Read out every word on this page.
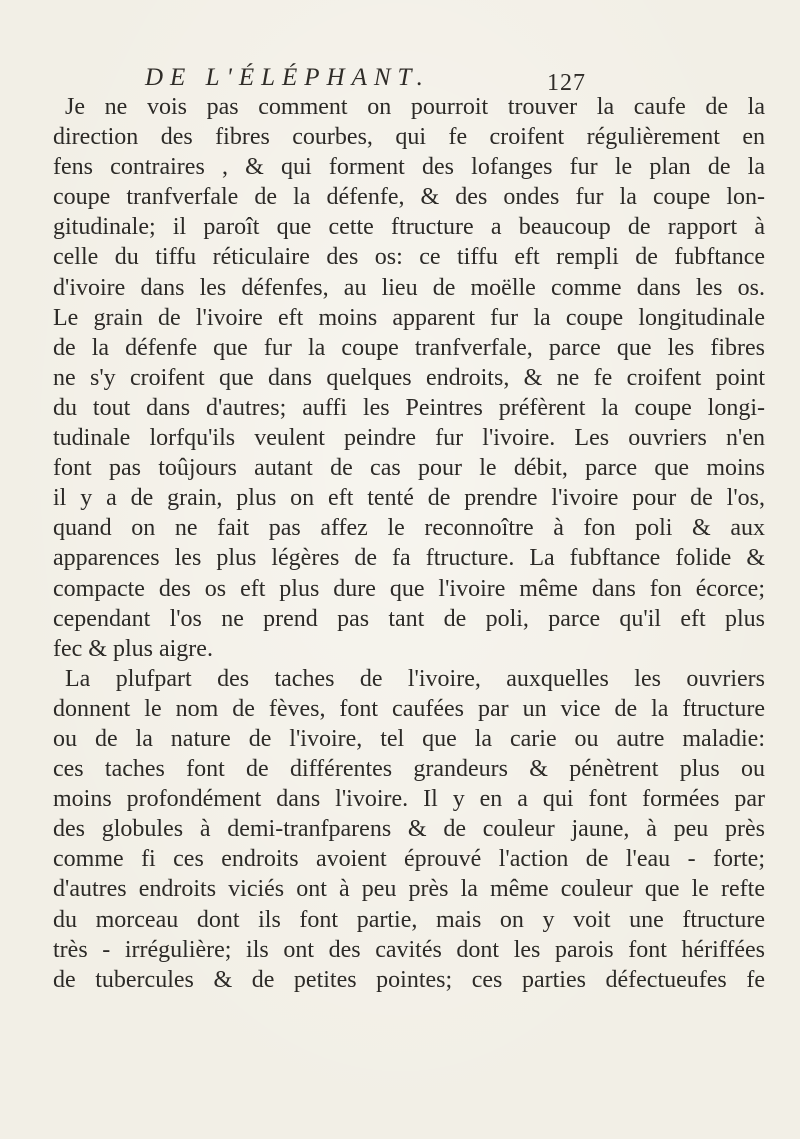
DE L'ÉLÉPHANT.	127
Je ne vois pas comment on pourroit trouver la caufe de la
direction des fibres courbes, qui fe croifent régulièrement en
fens contraires , & qui forment des lofanges fur le plan de la
coupe tranfverfale de la défenfe, & des ondes fur la coupe lon-
gitudinale; il paroît que cette ftructure a beaucoup de rapport à
celle du tiffu réticulaire des os: ce tiffu eft rempli de fubftance
d'ivoire dans les défenfes, au lieu de moëlle comme dans les os.
Le grain de l'ivoire eft moins apparent fur la coupe longitudinale
de la défenfe que fur la coupe tranfverfale, parce que les fibres
ne s'y croifent que dans quelques endroits, & ne fe croifent point
du tout dans d'autres; auffi les Peintres préfèrent la coupe longi-
tudinale lorfqu'ils veulent peindre fur l'ivoire. Les ouvriers n'en
font pas toûjours autant de cas pour le débit, parce que moins
il y a de grain, plus on eft tenté de prendre l'ivoire pour de l'os,
quand on ne fait pas affez le reconnoître à fon poli & aux
apparences les plus légères de fa ftructure. La fubftance folide &
compacte des os eft plus dure que l'ivoire même dans fon écorce;
cependant l'os ne prend pas tant de poli, parce qu'il eft plus
fec & plus aigre.
La plufpart des taches de l'ivoire, auxquelles les ouvriers
donnent le nom de fèves, font caufées par un vice de la ftructure
ou de la nature de l'ivoire, tel que la carie ou autre maladie:
ces taches font de différentes grandeurs & pénètrent plus ou
moins profondément dans l'ivoire. Il y en a qui font formées par
des globules à demi-tranfparens & de couleur jaune, à peu près
comme fi ces endroits avoient éprouvé l'action de l'eau - forte;
d'autres endroits viciés ont à peu près la même couleur que le refte
du morceau dont ils font partie, mais on y voit une ftructure
très - irrégulière; ils ont des cavités dont les parois font hériffées
de tubercules & de petites pointes; ces parties défectueufes fe
